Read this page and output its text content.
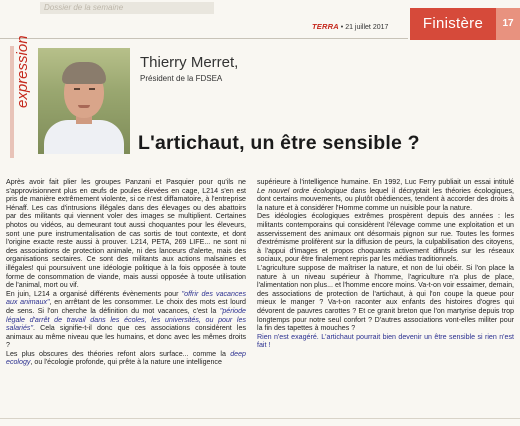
Dossier de la semaine
TERRA • 21 juillet 2017	Finistère	17
expression	Thierry Merret,
Président de la FDSEA
L'artichaut, un être sensible ?

Après avoir fait plier les groupes Panzani et Pasquier pour qu'ils ne s'approvisionnent plus en œufs de poules élevées en cage, L214 s'en est pris de manière extrêmement violente, si ce n'est diffamatoire, à l'entreprise Hénaff. Les cas d'intrusions illégales dans des élevages ou des abattoirs par des militants qui viennent voler des images se multiplient. Certaines photos ou vidéos, au demeurant tout aussi choquantes pour les éleveurs, sont une pure instrumentalisation de cas sortis de tout contexte, et dont l'origine exacte reste aussi à prouver. L214, PETA, 269 LIFE... ne sont ni des associations de protection animale, ni des lanceurs d'alerte, mais des organisations sectaires. Ce sont des militants aux actions malsaines et illégales! qui poursuivent une idéologie politique à la fois opposée à toute forme de consommation de viande, mais aussi opposée à toute utilisation de l'animal, mort ou vif.

En juin, L214 a organisé différents évènements pour "offrir des vacances aux animaux", en arrêtant de les consommer. Le choix des mots est lourd de sens. Si l'on cherche la définition du mot vacances, c'est la "période légale d'arrêt de travail dans les écoles, les universités, ou pour les salariés". Cela signifie-t-il donc que ces associations considèrent les animaux au même niveau que les humains, et donc avec les mêmes droits ?

Les plus obscures des théories refont alors surface... comme la deep ecology, ou l'écologie profonde, qui prête à la nature une intelligence

supérieure à l'intelligence humaine. En 1992, Luc Ferry publiait un essai intitulé Le nouvel ordre écologique dans lequel il décryptait les théories écologiques, dont certains mouvements, ou plutôt obédiences, tendent à accorder des droits à la nature et à considérer l'Homme comme un nuisible pour la nature.

Des idéologies écologiques extrêmes prospèrent depuis des années : les militants contemporains qui considèrent l'élevage comme une exploitation et un asservissement des animaux ont désormais pignon sur rue. Toutes les formes d'extrémisme prolifèrent sur la diffusion de peurs, la culpabilisation des citoyens, à l'appui d'images et propos choquants activement diffusés sur les réseaux sociaux, pour être finalement repris par les médias traditionnels.

L'agriculture suppose de maîtriser la nature, et non de lui obéir. Si l'on place la nature à un niveau supérieur à l'homme, l'agriculture n'a plus de place, l'alimentation non plus... et l'homme encore moins. Va-t-on voir essaimer, demain, des associations de protection de l'artichaut, à qui l'on coupe la queue pour mieux le manger ? Va-t-on raconter aux enfants des histoires d'ogres qui dévorent de pauvres carottes ? Et ce granit breton que l'on martyrise depuis trop longtemps pour notre seul confort ? D'autres associations vont-elles militer pour la fin des tapettes à mouches ?

Rien n'est exagéré. L'artichaut pourrait bien devenir un être sensible si rien n'est fait !
